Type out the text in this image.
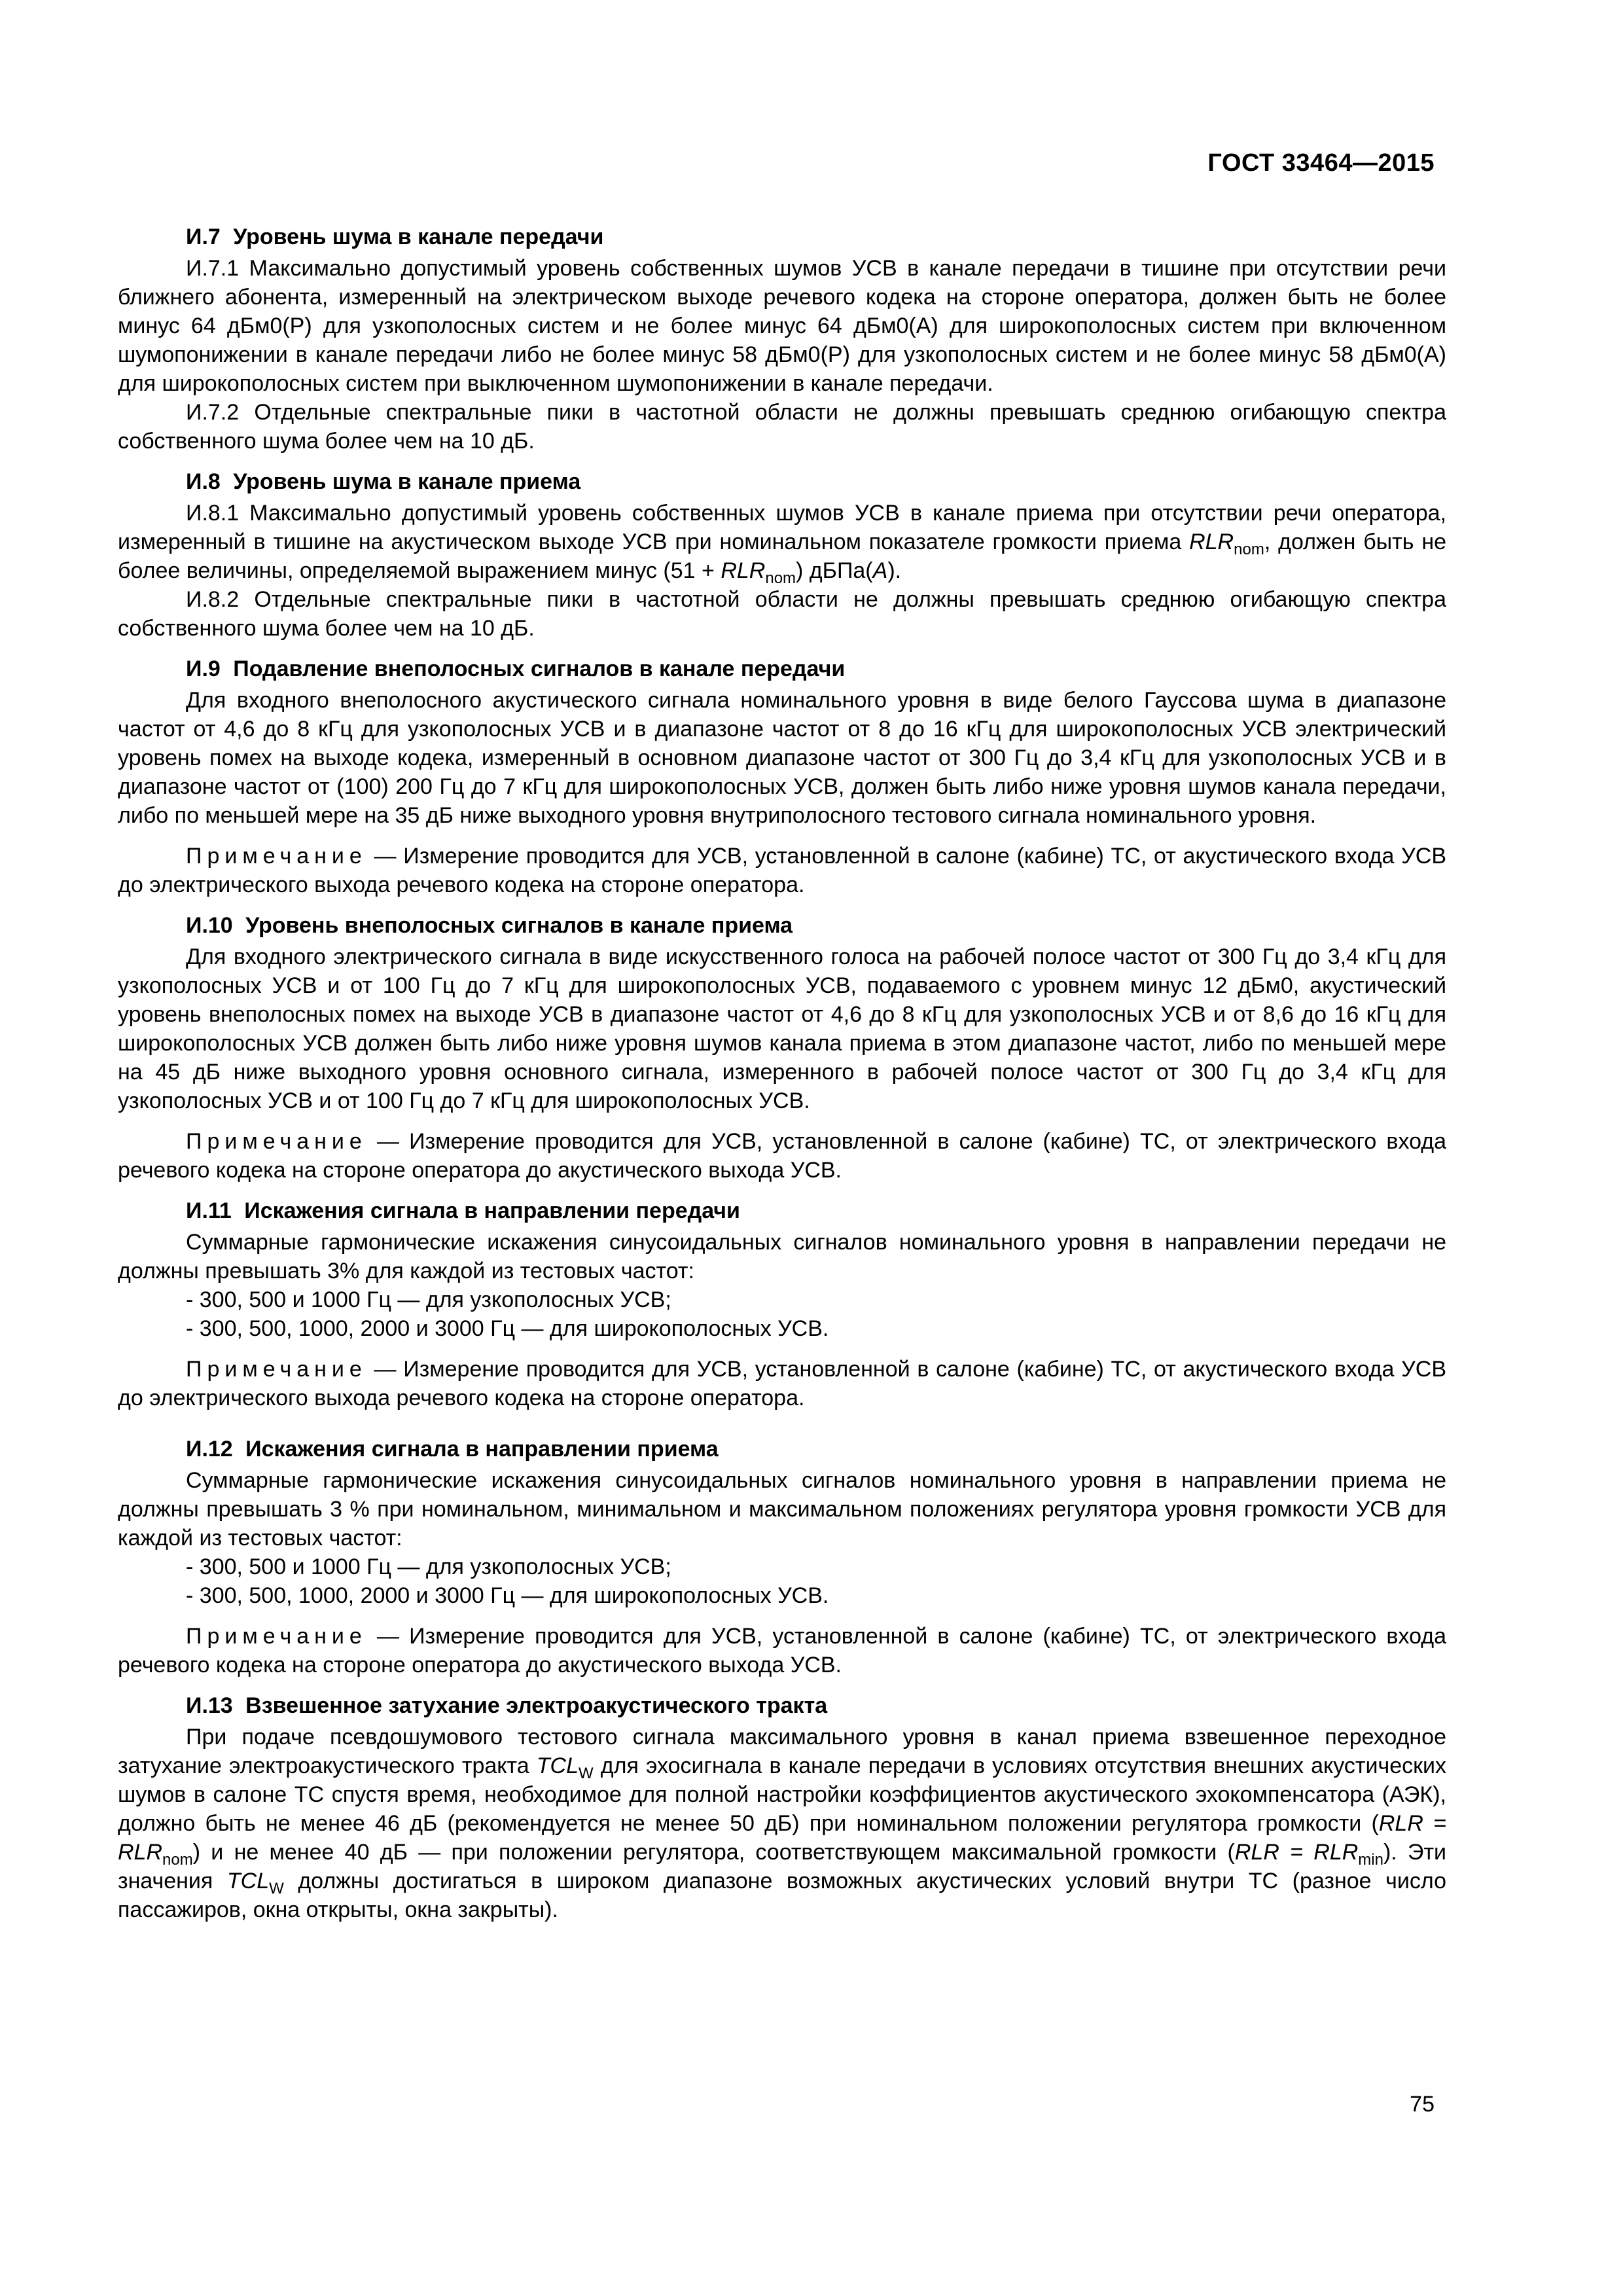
ГОСТ 33464—2015
И.7 Уровень шума в канале передачи

И.7.1 Максимально допустимый уровень собственных шумов УСВ в канале передачи в тишине при отсутствии речи ближнего абонента, измеренный на электрическом выходе речевого кодека на стороне оператора, должен быть не более минус 64 дБм0(Р) для узкополосных систем и не более минус 64 дБм0(А) для широкополосных систем при включенном шумопонижении в канале передачи либо не более минус 58 дБм0(Р) для узкополосных систем и не более минус 58 дБм0(А) для широкополосных систем при выключенном шумопонижении в канале передачи.

И.7.2 Отдельные спектральные пики в частотной области не должны превышать среднюю огибающую спектра собственного шума более чем на 10 дБ.

И.8 Уровень шума в канале приема

И.8.1 Максимально допустимый уровень собственных шумов УСВ в канале приема при отсутствии речи оператора, измеренный в тишине на акустическом выходе УСВ при номинальном показателе громкости приема $RLR_{nom}$, должен быть не более величины, определяемой выражением минус $(51 + RLR_{nom})$ дБПа(A).

И.8.2 Отдельные спектральные пики в частотной области не должны превышать среднюю огибающую спектра собственного шума более чем на 10 дБ.

И.9 Подавление внеполосных сигналов в канале передачи

Для входного внеполосного акустического сигнала номинального уровня в виде белого Гауссова шума в диапазоне частот от 4,6 до 8 кГц для узкополосных УСВ и в диапазоне частот от 8 до 16 кГц для широкополосных УСВ электрический уровень помех на выходе кодека, измеренный в основном диапазоне частот от 300 Гц до 3,4 кГц для узкополосных УСВ и в диапазоне частот от (100) 200 Гц до 7 кГц для широкополосных УСВ, должен быть либо ниже уровня шумов канала передачи, либо по меньшей мере на 35 дБ ниже выходного уровня внутриполосного тестового сигнала номинального уровня.

Примечание — Измерение проводится для УСВ, установленной в салоне (кабине) ТС, от акустического входа УСВ до электрического выхода речевого кодека на стороне оператора.

И.10 Уровень внеполосных сигналов в канале приема

Для входного электрического сигнала в виде искусственного голоса на рабочей полосе частот от 300 Гц до 3,4 кГц для узкополосных УСВ и от 100 Гц до 7 кГц для широкополосных УСВ, подаваемого с уровнем минус 12 дБм0, акустический уровень внеполосных помех на выходе УСВ в диапазоне частот от 4,6 до 8 кГц для узкополосных УСВ и от 8,6 до 16 кГц для широкополосных УСВ должен быть либо ниже уровня шумов канала приема в этом диапазоне частот, либо по меньшей мере на 45 дБ ниже выходного уровня основного сигнала, измеренного в рабочей полосе частот от 300 Гц до 3,4 кГц для узкополосных УСВ и от 100 Гц до 7 кГц для широкополосных УСВ.

Примечание — Измерение проводится для УСВ, установленной в салоне (кабине) ТС, от электрического входа речевого кодека на стороне оператора до акустического выхода УСВ.

И.11 Искажения сигнала в направлении передачи

Суммарные гармонические искажения синусоидальных сигналов номинального уровня в направлении передачи не должны превышать 3% для каждой из тестовых частот:

- 300, 500 и 1000 Гц — для узкополосных УСВ;
- 300, 500, 1000, 2000 и 3000 Гц — для широкополосных УСВ.

Примечание — Измерение проводится для УСВ, установленной в салоне (кабине) ТС, от акустического входа УСВ до электрического выхода речевого кодека на стороне оператора.

И.12 Искажения сигнала в направлении приема

Суммарные гармонические искажения синусоидальных сигналов номинального уровня в направлении приема не должны превышать 3 % при номинальном, минимальном и максимальном положениях регулятора уровня громкости УСВ для каждой из тестовых частот:

- 300, 500 и 1000 Гц — для узкополосных УСВ;
- 300, 500, 1000, 2000 и 3000 Гц — для широкополосных УСВ.

Примечание — Измерение проводится для УСВ, установленной в салоне (кабине) ТС, от электрического входа речевого кодека на стороне оператора до акустического выхода УСВ.

И.13 Взвешенное затухание электроакустического тракта

При подаче псевдошумового тестового сигнала максимального уровня в канал приема взвешенное переходное затухание электроакустического тракта $TCL_W$ для эхосигнала в канале передачи в условиях отсутствия внешних акустических шумов в салоне ТС спустя время, необходимое для полной настройки коэффициентов акустического эхокомпенсатора (АЭК), должно быть не менее 46 дБ (рекомендуется не менее 50 дБ) при номинальном положении регулятора громкости $(RLR = RLR_{nom})$ и не менее 40 дБ — при положении регулятора, соответствующем максимальной громкости $(RLR = RLR_{min})$. Эти значения $TCL_W$ должны достигаться в широком диапазоне возможных акустических условий внутри ТС (разное число пассажиров, окна открыты, окна закрыты).

75
